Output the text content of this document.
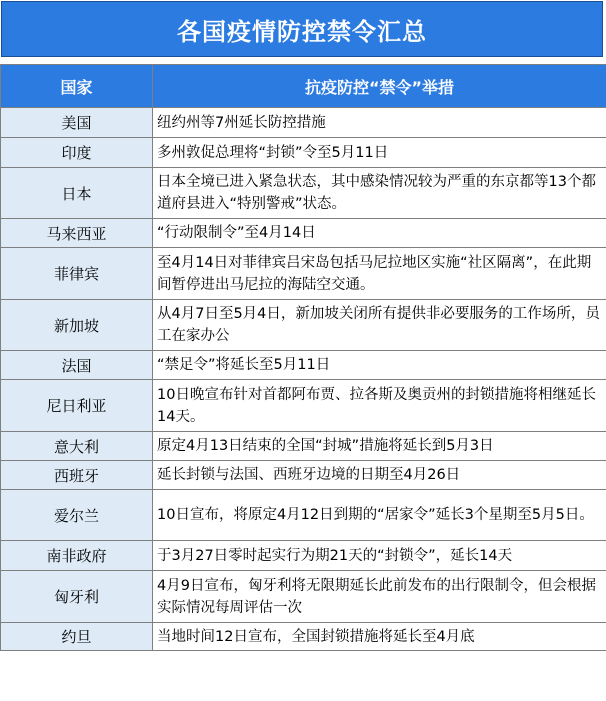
各国疫情防控禁令汇总
国家	抗疫防控“禁令”举措
美国	纽约州等7州延长防控措施
印度	多州敦促总理将“封锁”令至5月11日
日本	日本全境已进入紧急状态，其中感染情况较为严重的东京都等13个都道府县进入“特别警戒”状态。
马来西亚	“行动限制令”至4月14日
菲律宾	至4月14日对菲律宾吕宋岛包括马尼拉地区实施“社区隔离”，在此期间暂停进出马尼拉的海陆空交通。
新加坡	从4月7日至5月4日，新加坡关闭所有提供非必要服务的工作场所，员工在家办公
法国	“禁足令”将延长至5月11日
尼日利亚	10日晚宣布针对首都阿布贾、拉各斯及奥贡州的封锁措施将相继延长14天。
意大利	原定4月13日结束的全国“封城”措施将延长到5月3日
西班牙	延长封锁与法国、西班牙边境的日期至4月26日
爱尔兰	10日宣布，将原定4月12日到期的“居家令”延长3个星期至5月5日。
南非政府	于3月27日零时起实行为期21天的“封锁令”，延长14天
匈牙利	4月9日宣布，匈牙利将无限期延长此前发布的出行限制令，但会根据实际情况每周评估一次
约旦	当地时间12日宣布，全国封锁措施将延长至4月底
